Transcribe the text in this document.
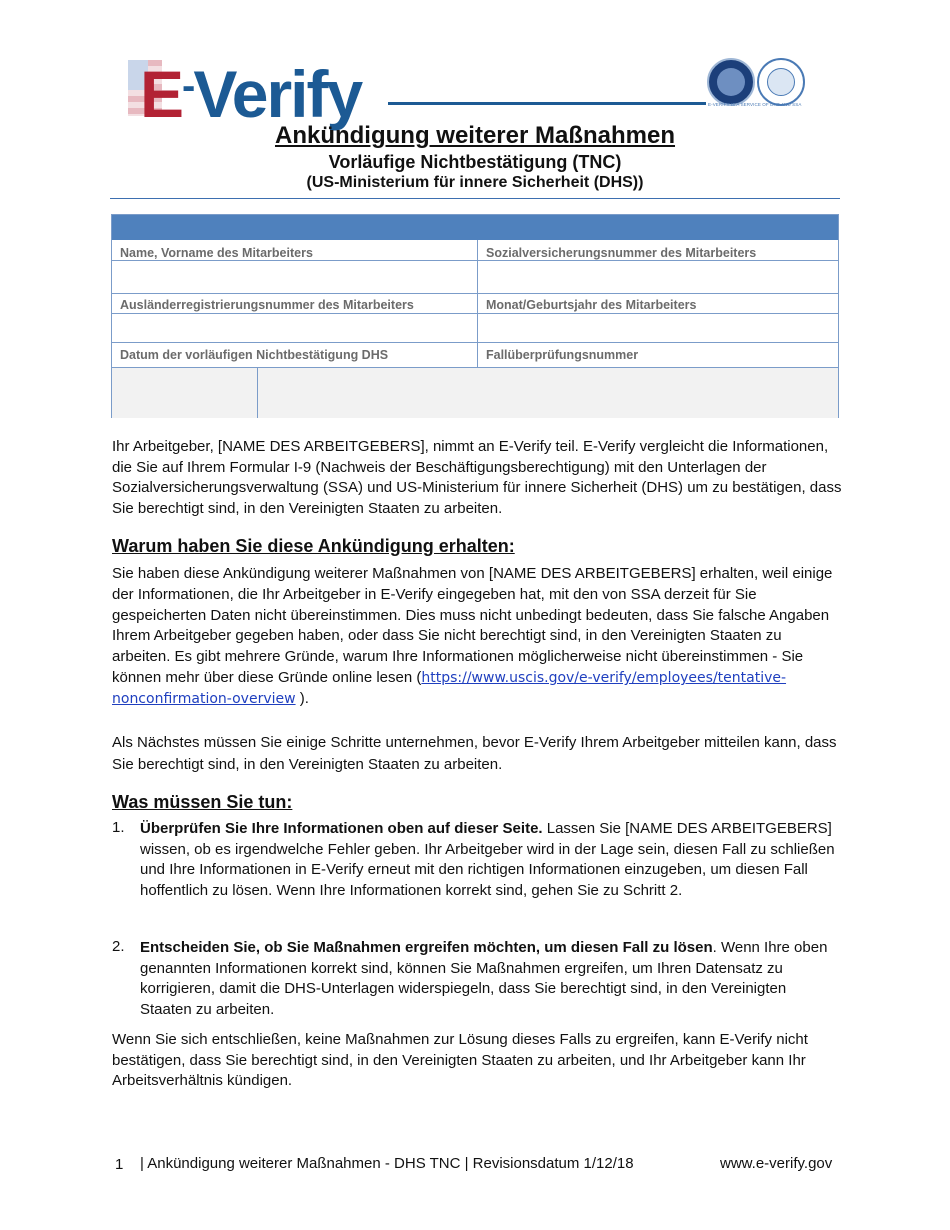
E-Verify	E-VERIFY IS A SERVICE OF DHS AND SSA
Ankündigung weiterer Maßnahmen
Vorläufige Nichtbestätigung (TNC)
(US-Ministerium für innere Sicherheit (DHS))
Name, Vorname des Mitarbeiters	Sozialversicherungsnummer des Mitarbeiters
Ausländerregistrierungsnummer des Mitarbeiters	Monat/Geburtsjahr des Mitarbeiters
Datum der vorläufigen Nichtbestätigung DHS	Fallüberprüfungsnummer
Ihr Arbeitgeber, [NAME DES ARBEITGEBERS], nimmt an E-Verify teil. E-Verify vergleicht die Informationen, die Sie auf Ihrem Formular I-9 (Nachweis der Beschäftigungsberechtigung) mit den Unterlagen der Sozialversicherungsverwaltung (SSA) und US-Ministerium für innere Sicherheit (DHS) um zu bestätigen, dass Sie berechtigt sind, in den Vereinigten Staaten zu arbeiten.
Warum haben Sie diese Ankündigung erhalten:
Sie haben diese Ankündigung weiterer Maßnahmen von [NAME DES ARBEITGEBERS] erhalten, weil einige der Informationen, die Ihr Arbeitgeber in E-Verify eingegeben hat, mit den von SSA derzeit für Sie gespeicherten Daten nicht übereinstimmen. Dies muss nicht unbedingt bedeuten, dass Sie falsche Angaben Ihrem Arbeitgeber gegeben haben, oder dass Sie nicht berechtigt sind, in den Vereinigten Staaten zu arbeiten. Es gibt mehrere Gründe, warum Ihre Informationen möglicherweise nicht übereinstimmen - Sie können mehr über diese Gründe online lesen (https://www.uscis.gov/e-verify/employees/tentative-nonconfirmation-overview ).
Als Nächstes müssen Sie einige Schritte unternehmen, bevor E-Verify Ihrem Arbeitgeber mitteilen kann, dass Sie berechtigt sind, in den Vereinigten Staaten zu arbeiten.
Was müssen Sie tun:
1. Überprüfen Sie Ihre Informationen oben auf dieser Seite. Lassen Sie [NAME DES ARBEITGEBERS] wissen, ob es irgendwelche Fehler geben. Ihr Arbeitgeber wird in der Lage sein, diesen Fall zu schließen und Ihre Informationen in E-Verify erneut mit den richtigen Informationen einzugeben, um diesen Fall hoffentlich zu lösen. Wenn Ihre Informationen korrekt sind, gehen Sie zu Schritt 2.
2. Entscheiden Sie, ob Sie Maßnahmen ergreifen möchten, um diesen Fall zu lösen. Wenn Ihre oben genannten Informationen korrekt sind, können Sie Maßnahmen ergreifen, um Ihren Datensatz zu korrigieren, damit die DHS-Unterlagen widerspiegeln, dass Sie berechtigt sind, in den Vereinigten Staaten zu arbeiten.
Wenn Sie sich entschließen, keine Maßnahmen zur Lösung dieses Falls zu ergreifen, kann E-Verify nicht bestätigen, dass Sie berechtigt sind, in den Vereinigten Staaten zu arbeiten, und Ihr Arbeitgeber kann Ihr Arbeitsverhältnis kündigen.
1 | Ankündigung weiterer Maßnahmen - DHS TNC | Revisionsdatum 1/12/18	www.e-verify.gov
